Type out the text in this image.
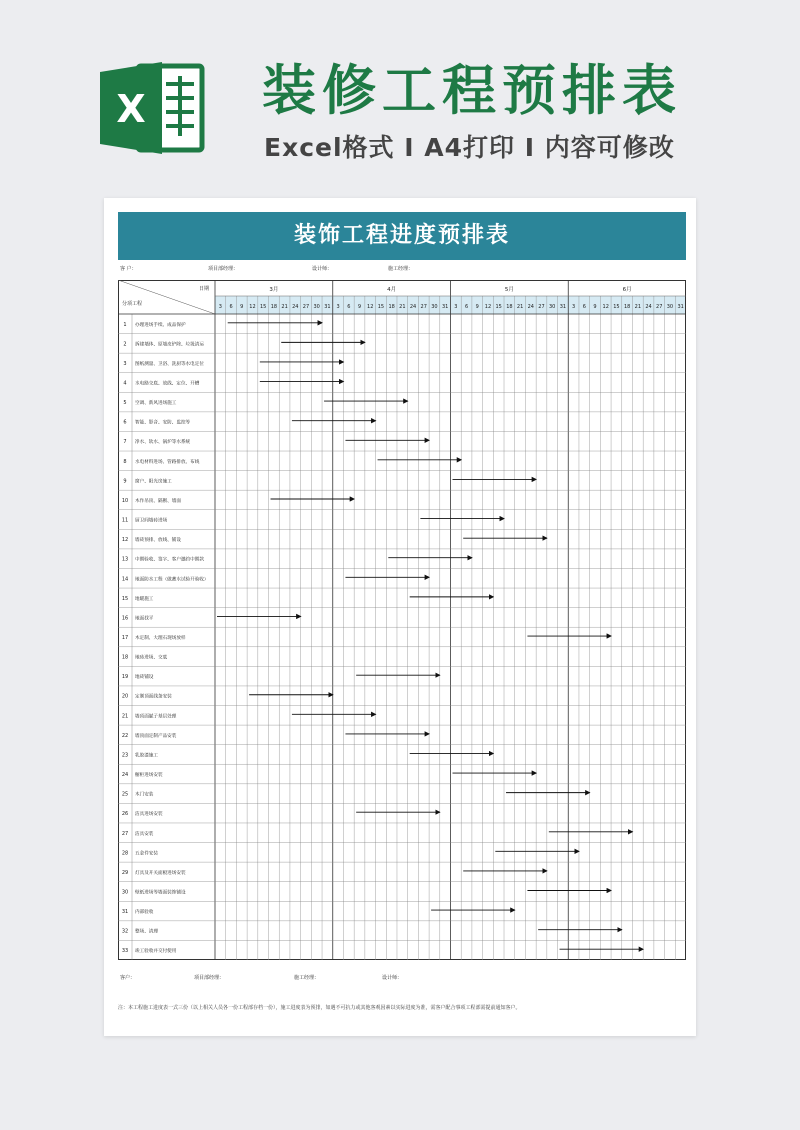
X 装修工程预排表
Excel格式 I A4打印 I 内容可修改
装饰工程进度预排表
客 户：	项目部经理：	设计师：	施工经理：
日期
分项工程
3月	4月	5月	6月
3 6 9 12 15 18 21 24 27 30 31 3 6 9 12 15 18 21 24 27 30 31 3 6 9 12 15 18 21 24 27 30 31 3 6 9 12 15 18 21 24 27 30 31
1 办理进场手续、成品保护
2 拆建墙体、原墙皮铲除、垃圾清运
3 图纸测量、卫浴、洗厨等水电定位
4 水电路交底、放线、定位、开槽
5 空调、新风进场施工
6 智能、影音、安防、监控等
7 净水、软水、锅炉等水系统
8 水电材料进场、管路排放、布线
9 窗户、阳光房施工
10 木作吊顶、隔断、墙面
11 厨卫间墙砖进场
12 墙砖预排、放线、铺设
13 中期验收、签字、客户邀约中期款
14 地面防水工程（做蓄水试验开验收）
15 地暖施工
16 地面找平
17 木定制、大理石现场放样
18 地砖进场、交底
19 地砖铺设
20 定制顶面线条安装
21 墙顶面腻子基层处理
22 墙顶面定制产品安装
23 乳胶漆施工
24 橱柜进场安装
25 木门安装
26 洁具进场安装
27 洁具安装
28 五金件安装
29 灯具及开关面板进场安装
30 壁纸进场等墙面装饰铺设
31 内部验收
32 整场、清理
33 竣工验收并交付使用
客户：	项目部经理：	施工经理：	设计师：
注：本工程施工进度表一式三份（以上相关人员各一份工程部存档一份），施工进度表为预排，如遇不可抗力或其他客观因素以实际进度为准，需客户配合事项工程部需提前通知客户。
